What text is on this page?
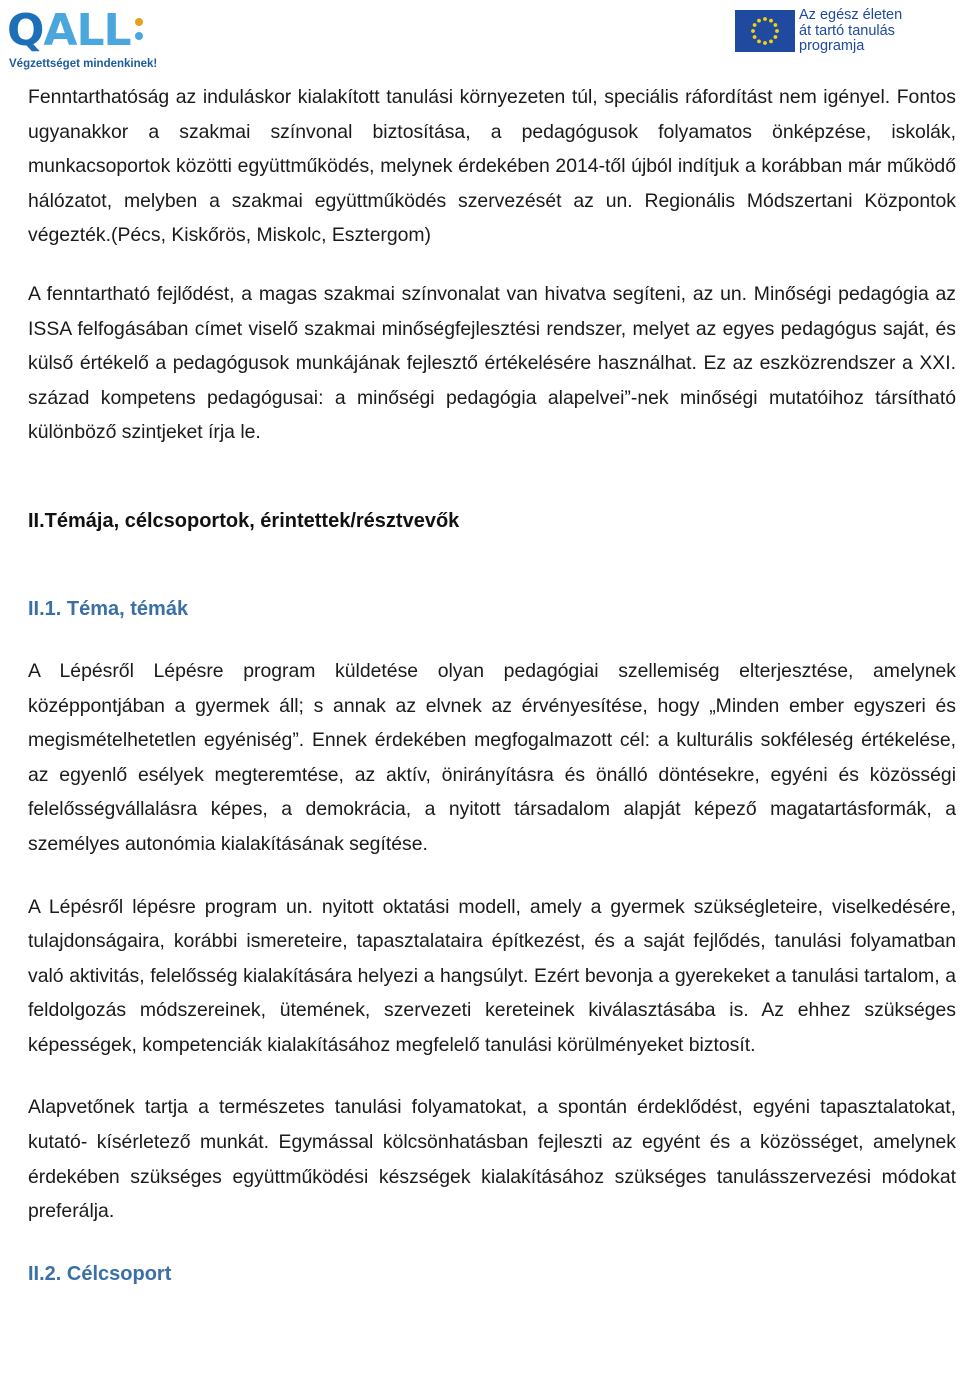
QALL
Végzettséget mindenkinek!
Az egész életen
át tartó tanulás
programja

Fenntarthatóság az induláskor kialakított tanulási környezeten túl, speciális ráfordítást nem igényel. Fontos ugyanakkor a szakmai színvonal biztosítása, a pedagógusok folyamatos önképzése, iskolák, munkacsoportok közötti együttműködés, melynek érdekében 2014-től újból indítjuk a korábban már működő hálózatot, melyben a szakmai együttműködés szervezését az un. Regionális Módszertani Központok végezték.(Pécs, Kiskőrös, Miskolc, Esztergom)

A fenntartható fejlődést, a magas szakmai színvonalat van hivatva segíteni, az un. Minőségi pedagógia az ISSA felfogásában címet viselő szakmai minőségfejlesztési rendszer, melyet az egyes pedagógus saját, és külső értékelő a pedagógusok munkájának fejlesztő értékelésére használhat. Ez az eszközrendszer a XXI. század kompetens pedagógusai: a minőségi pedagógia alapelvei”-nek minőségi mutatóihoz társítható különböző szintjeket írja le.

II.Témája, célcsoportok, érintettek/résztvevők
II.1. Téma, témák

A Lépésről Lépésre program küldetése olyan pedagógiai szellemiség elterjesztése, amelynek középpontjában a gyermek áll; s annak az elvnek az érvényesítése, hogy „Minden ember egyszeri és megismételhetetlen egyéniség”. Ennek érdekében megfogalmazott cél: a kulturális sokféleség értékelése, az egyenlő esélyek megteremtése, az aktív, önirányításra és önálló döntésekre, egyéni és közösségi felelősségvállalásra képes, a demokrácia, a nyitott társadalom alapját képező magatartásformák, a személyes autonómia kialakításának segítése.

A Lépésről lépésre program un. nyitott oktatási modell, amely a gyermek szükségleteire, viselkedésére, tulajdonságaira, korábbi ismereteire, tapasztalataira építkezést, és a saját fejlődés, tanulási folyamatban való aktivitás, felelősség kialakítására helyezi a hangsúlyt. Ezért bevonja a gyerekeket a tanulási tartalom, a feldolgozás módszereinek, ütemének, szervezeti kereteinek kiválasztásába is. Az ehhez szükséges képességek, kompetenciák kialakításához megfelelő tanulási körülményeket biztosít.

Alapvetőnek tartja a természetes tanulási folyamatokat, a spontán érdeklődést, egyéni tapasztalatokat, kutató- kísérletező munkát. Egymással kölcsönhatásban fejleszti az egyént és a közösséget, amelynek érdekében szükséges együttműködési készségek kialakításához szükséges tanulásszervezési módokat preferálja.

II.2. Célcsoport
